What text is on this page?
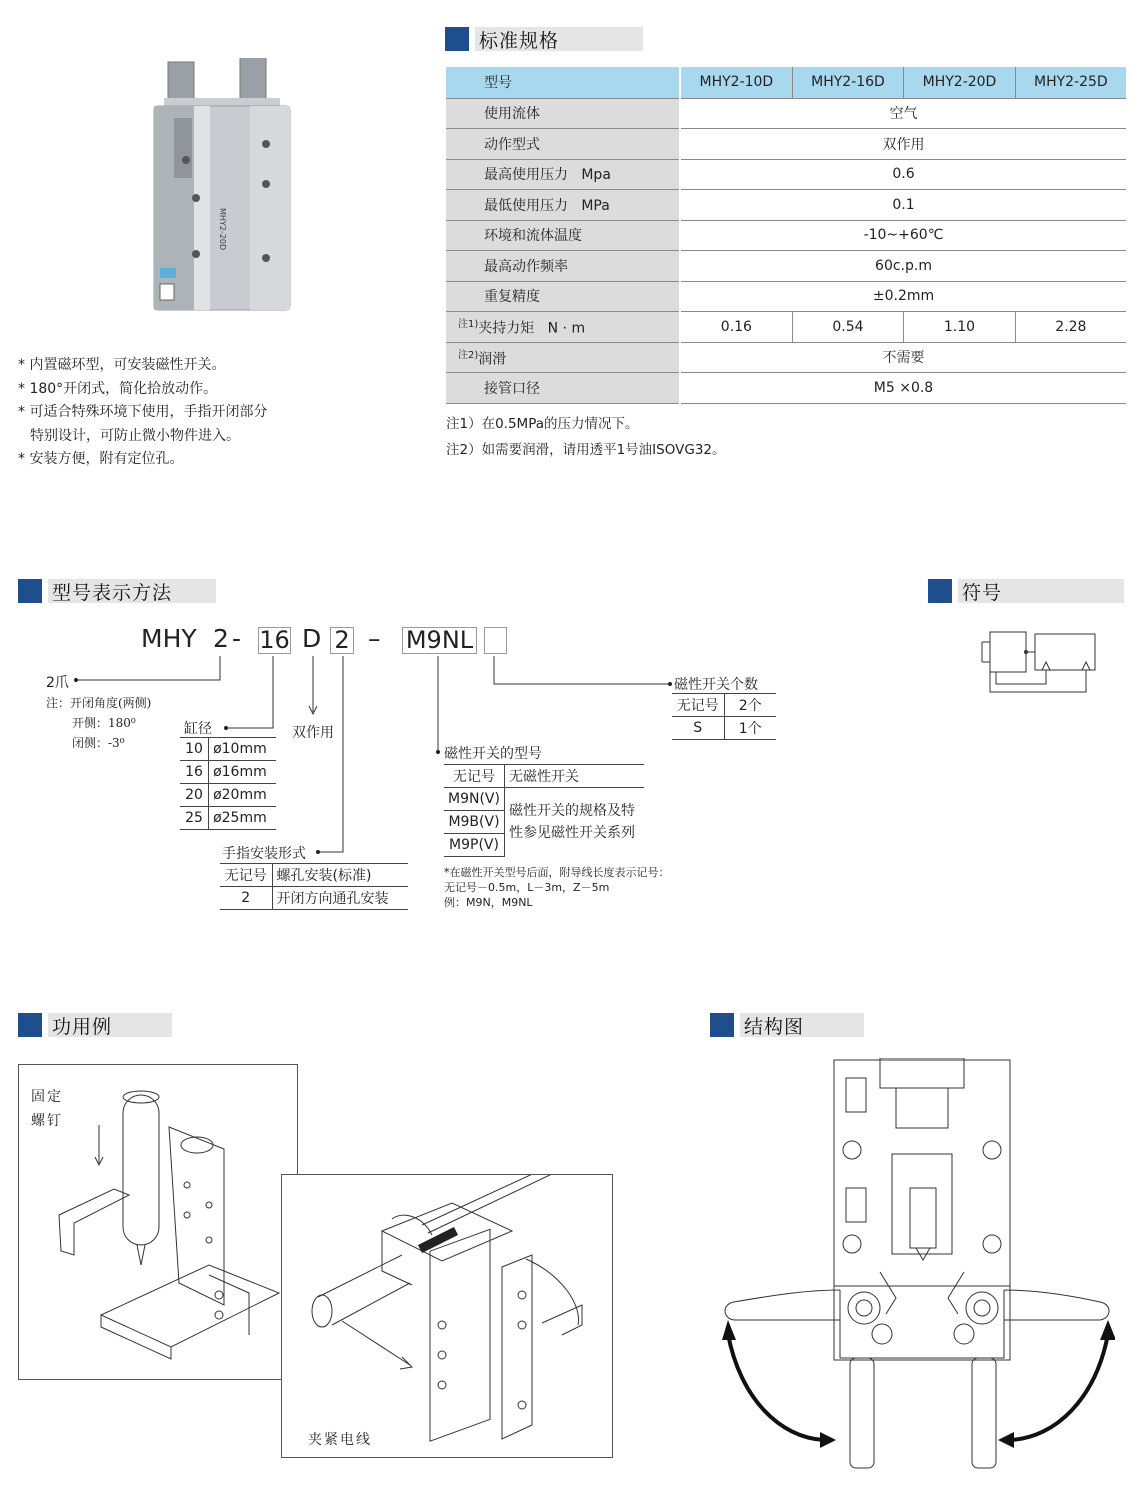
MHY2-20D
* 内置磁环型，可安装磁性开关。
* 180°开闭式，简化拾放动作。
* 可适合特殊环境下使用，手指开闭部分特别设计，可防止微小物件进入。
* 安装方便，附有定位孔。
标准规格
型号	MHY2-10D	MHY2-16D	MHY2-20D	MHY2-25D
使用流体	空气			
动作型式	双作用			
最高使用压力   Mpa	0.6			
最低使用压力   MPa	0.1			
环境和流体温度	-10~+60℃			
最高动作频率	60c.p.m			
重复精度	±0.2mm			
$^{注1)}$夹持力矩   N · m	0.16	0.54	1.10	2.28
$^{注2)}$润滑	不需要			
接管口径	M5 ×0.8			
注1）在0.5MPa的压力情况下。
注2）如需要润滑，请用透平1号油ISOVG32。
型号表示方法
MHY 2 - 16 D 2 – M9NL
2爪
注：开闭角度(两侧)
开侧：180⁰
闭侧：-3⁰
缸径
10	ø10mm
16	ø16mm
20	ø20mm
25	ø25mm
双作用
手指安装形式
无记号	螺孔安装(标准)
2	开闭方向通孔安装
磁性开关的型号
无记号	无磁性开关
M9N(V)	磁性开关的规格及特性参见磁性开关系列
M9B(V)	
M9P(V)	
*在磁性开关型号后面，附导线长度表示记号：
无记号－0.5m，L－3m，Z－5m
例：M9N，M9NL
磁性开关个数
无记号	2个
S	1个
符号
功用例
固定螺钉
夹紧电线
结构图
